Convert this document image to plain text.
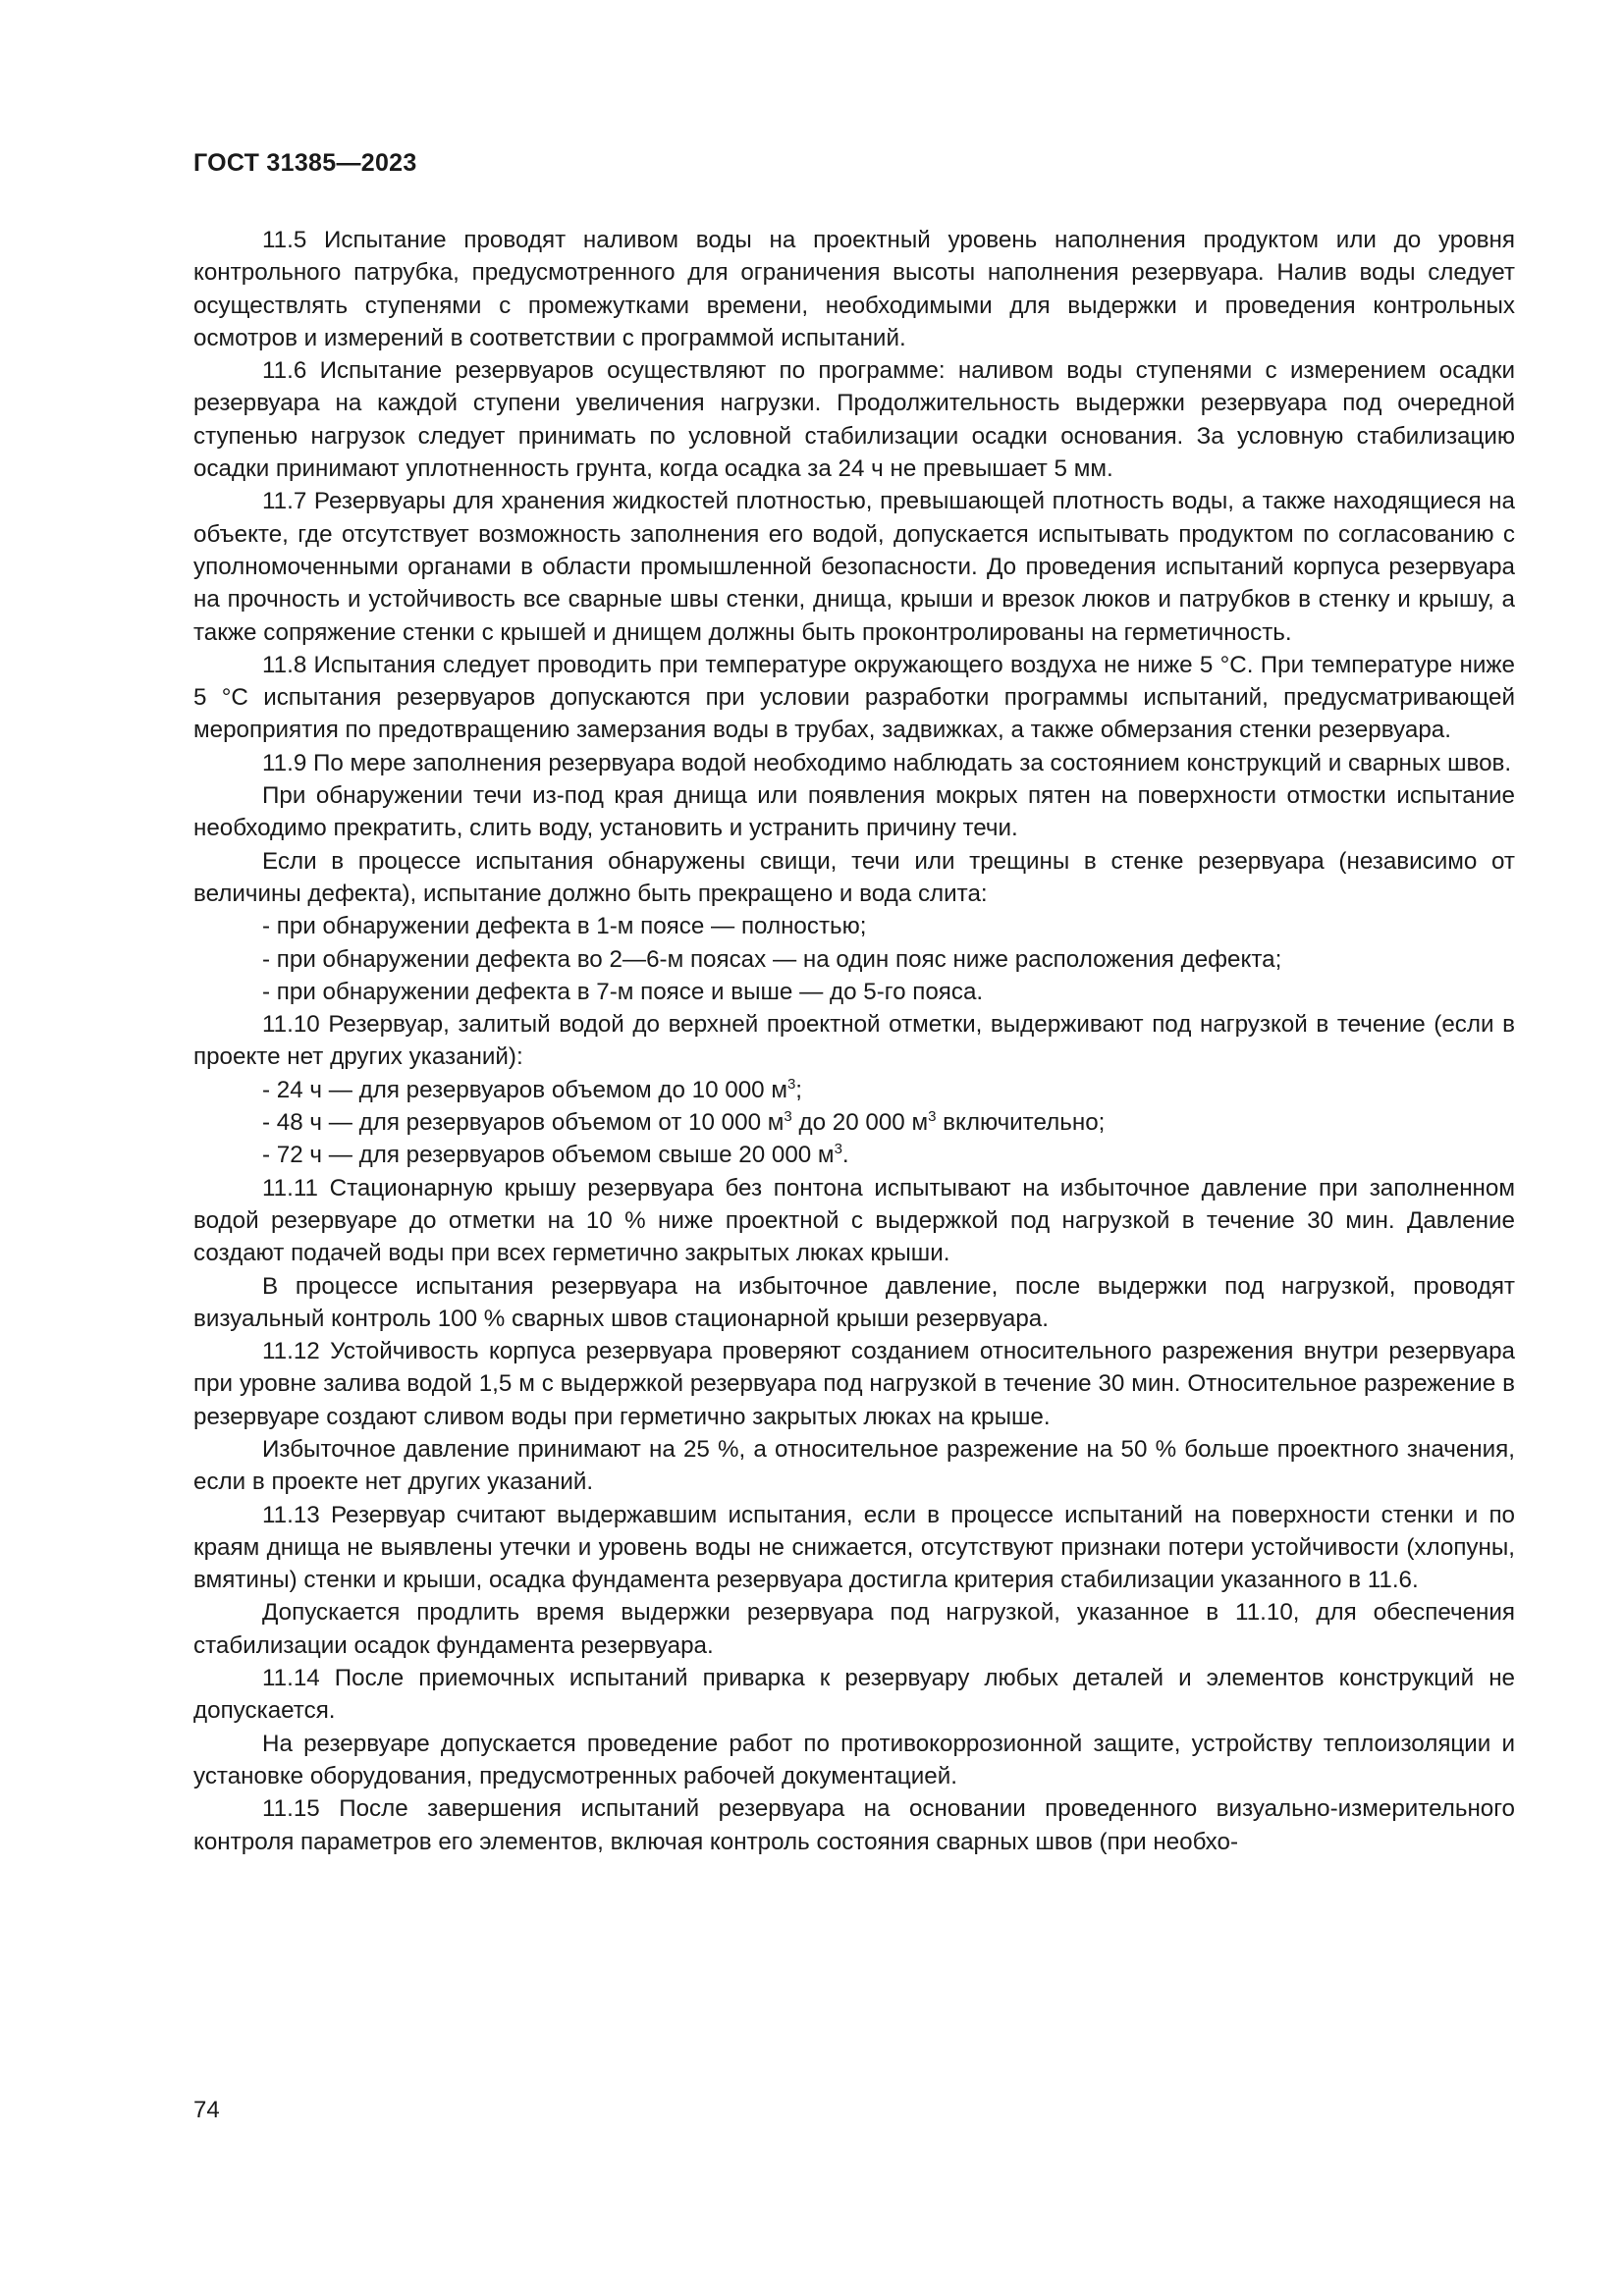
ГОСТ 31385—2023

11.5 Испытание проводят наливом воды на проектный уровень наполнения продуктом или до уровня контрольного патрубка, предусмотренного для ограничения высоты наполнения резервуара. Налив воды следует осуществлять ступенями с промежутками времени, необходимыми для выдержки и проведения контрольных осмотров и измерений в соответствии с программой испытаний.

11.6 Испытание резервуаров осуществляют по программе: наливом воды ступенями с измерением осадки резервуара на каждой ступени увеличения нагрузки. Продолжительность выдержки резервуара под очередной ступенью нагрузок следует принимать по условной стабилизации осадки основания. За условную стабилизацию осадки принимают уплотненность грунта, когда осадка за 24 ч не превышает 5 мм.

11.7 Резервуары для хранения жидкостей плотностью, превышающей плотность воды, а также находящиеся на объекте, где отсутствует возможность заполнения его водой, допускается испытывать продуктом по согласованию с уполномоченными органами в области промышленной безопасности. До проведения испытаний корпуса резервуара на прочность и устойчивость все сварные швы стенки, днища, крыши и врезок люков и патрубков в стенку и крышу, а также сопряжение стенки с крышей и днищем должны быть проконтролированы на герметичность.

11.8 Испытания следует проводить при температуре окружающего воздуха не ниже 5 °С. При температуре ниже 5 °С испытания резервуаров допускаются при условии разработки программы испытаний, предусматривающей мероприятия по предотвращению замерзания воды в трубах, задвижках, а также обмерзания стенки резервуара.

11.9 По мере заполнения резервуара водой необходимо наблюдать за состоянием конструкций и сварных швов.

При обнаружении течи из-под края днища или появления мокрых пятен на поверхности отмостки испытание необходимо прекратить, слить воду, установить и устранить причину течи.

Если в процессе испытания обнаружены свищи, течи или трещины в стенке резервуара (независимо от величины дефекта), испытание должно быть прекращено и вода слита:

- при обнаружении дефекта в 1-м поясе — полностью;

- при обнаружении дефекта во 2—6-м поясах — на один пояс ниже расположения дефекта;

- при обнаружении дефекта в 7-м поясе и выше — до 5-го пояса.

11.10 Резервуар, залитый водой до верхней проектной отметки, выдерживают под нагрузкой в течение (если в проекте нет других указаний):

- 24 ч — для резервуаров объемом до 10 000 $м^3$;

- 48 ч — для резервуаров объемом от 10 000 $м^3$ до 20 000 $м^3$ включительно;

- 72 ч — для резервуаров объемом свыше 20 000 $м^3$.

11.11 Стационарную крышу резервуара без понтона испытывают на избыточное давление при заполненном водой резервуаре до отметки на 10 % ниже проектной с выдержкой под нагрузкой в течение 30 мин. Давление создают подачей воды при всех герметично закрытых люках крыши.

В процессе испытания резервуара на избыточное давление, после выдержки под нагрузкой, проводят визуальный контроль 100 % сварных швов стационарной крыши резервуара.

11.12 Устойчивость корпуса резервуара проверяют созданием относительного разрежения внутри резервуара при уровне залива водой 1,5 м с выдержкой резервуара под нагрузкой в течение 30 мин. Относительное разрежение в резервуаре создают сливом воды при герметично закрытых люках на крыше.

Избыточное давление принимают на 25 %, а относительное разрежение на 50 % больше проектного значения, если в проекте нет других указаний.

11.13 Резервуар считают выдержавшим испытания, если в процессе испытаний на поверхности стенки и по краям днища не выявлены утечки и уровень воды не снижается, отсутствуют признаки потери устойчивости (хлопуны, вмятины) стенки и крыши, осадка фундамента резервуара достигла критерия стабилизации указанного в 11.6.

Допускается продлить время выдержки резервуара под нагрузкой, указанное в 11.10, для обеспечения стабилизации осадок фундамента резервуара.

11.14 После приемочных испытаний приварка к резервуару любых деталей и элементов конструкций не допускается.

На резервуаре допускается проведение работ по противокоррозионной защите, устройству теплоизоляции и установке оборудования, предусмотренных рабочей документацией.

11.15 После завершения испытаний резервуара на основании проведенного визуально-измерительного контроля параметров его элементов, включая контроль состояния сварных швов (при необхо-

74
